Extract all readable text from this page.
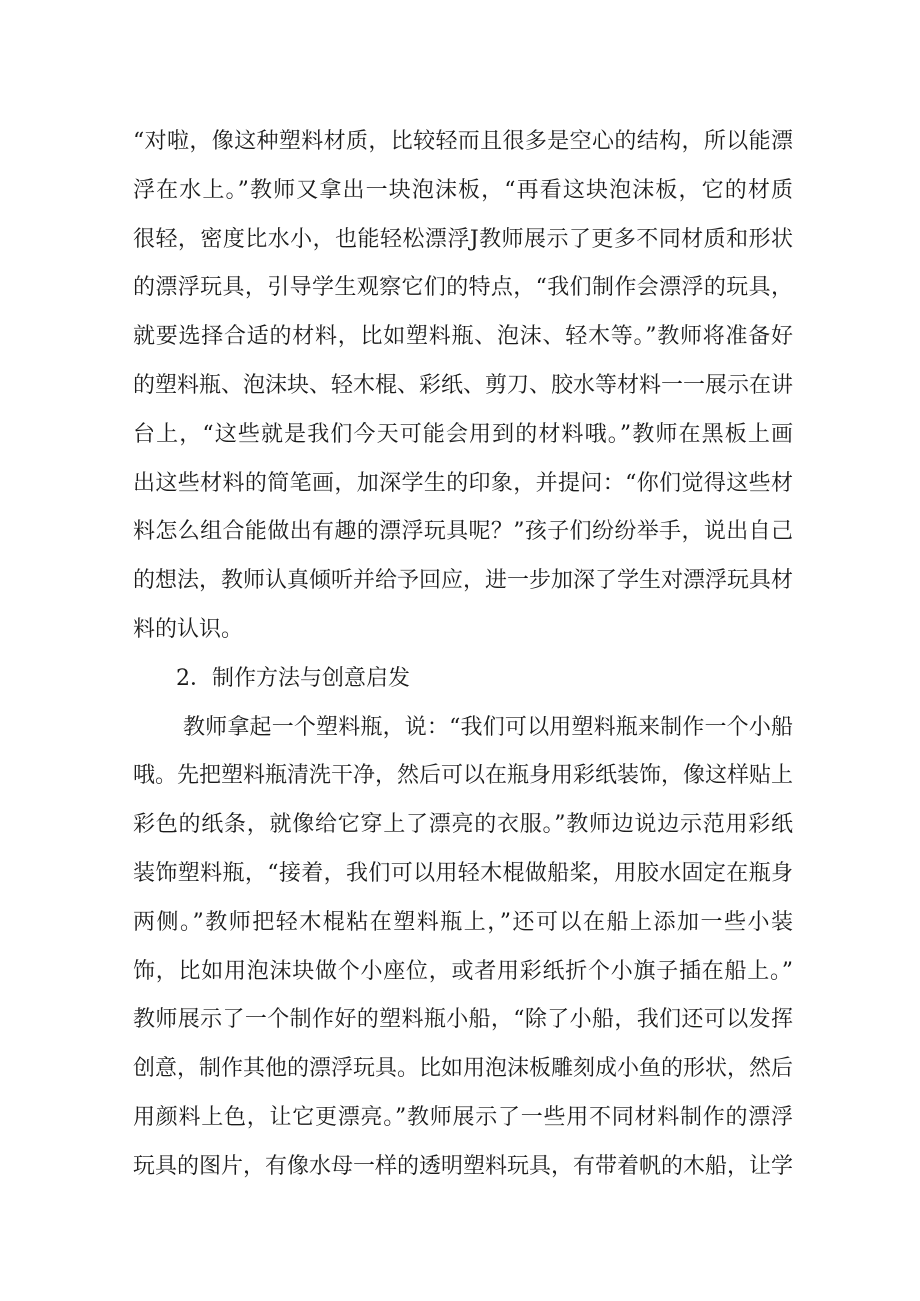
“对啦，像这种塑料材质，比较轻而且很多是空心的结构，所以能漂
浮在水上。”教师又拿出一块泡沫板，“再看这块泡沫板，它的材质
很轻，密度比水小，也能轻松漂浮J教师展示了更多不同材质和形状
的漂浮玩具，引导学生观察它们的特点，“我们制作会漂浮的玩具，
就要选择合适的材料，比如塑料瓶、泡沫、轻木等。”教师将准备好
的塑料瓶、泡沫块、轻木棍、彩纸、剪刀、胶水等材料一一展示在讲
台上，“这些就是我们今天可能会用到的材料哦。”教师在黑板上画
出这些材料的简笔画，加深学生的印象，并提问：“你们觉得这些材
料怎么组合能做出有趣的漂浮玩具呢？”孩子们纷纷举手，说出自己
的想法，教师认真倾听并给予回应，进一步加深了学生对漂浮玩具材
料的认识。
2．制作方法与创意启发
教师拿起一个塑料瓶，说：“我们可以用塑料瓶来制作一个小船
哦。先把塑料瓶清洗干净，然后可以在瓶身用彩纸装饰，像这样贴上
彩色的纸条，就像给它穿上了漂亮的衣服。”教师边说边示范用彩纸
装饰塑料瓶，“接着，我们可以用轻木棍做船桨，用胶水固定在瓶身
两侧。”教师把轻木棍粘在塑料瓶上，”还可以在船上添加一些小装
饰，比如用泡沫块做个小座位，或者用彩纸折个小旗子插在船上。”
教师展示了一个制作好的塑料瓶小船，“除了小船，我们还可以发挥
创意，制作其他的漂浮玩具。比如用泡沫板雕刻成小鱼的形状，然后
用颜料上色，让它更漂亮。”教师展示了一些用不同材料制作的漂浮
玩具的图片，有像水母一样的透明塑料玩具，有带着帆的木船，让学
